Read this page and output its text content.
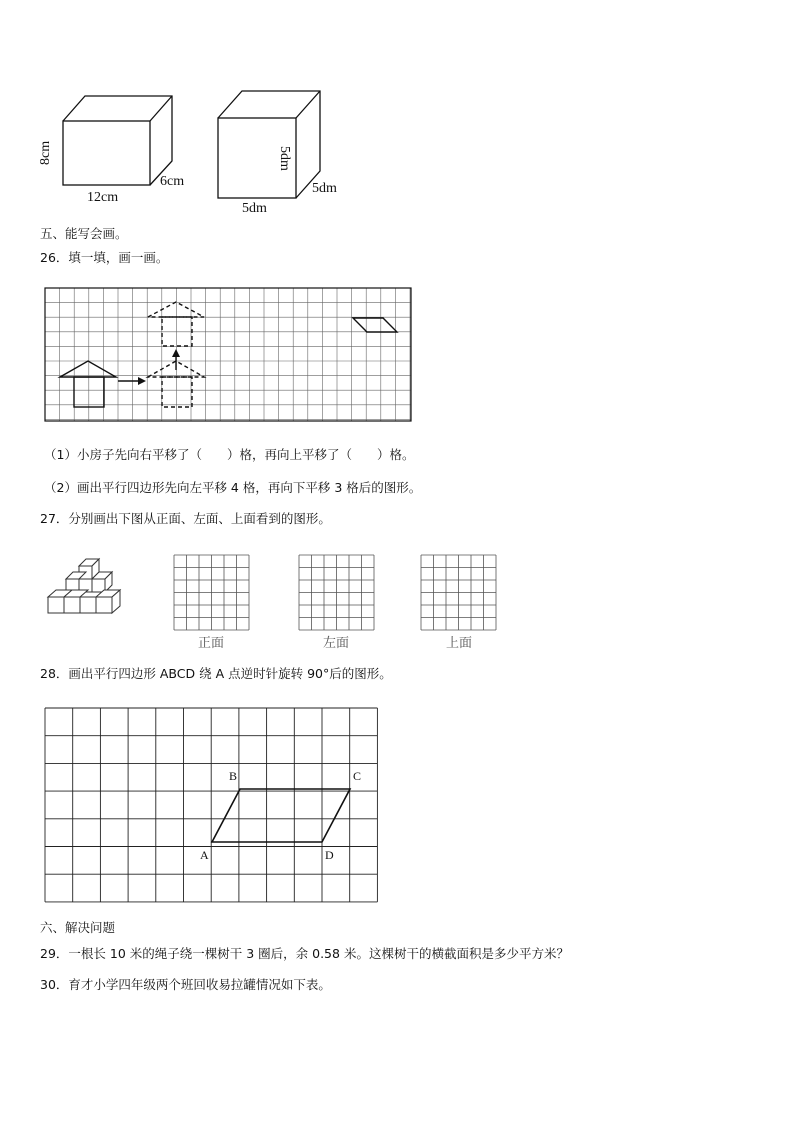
8cm
12cm
6cm
5dm
5dm
5dm
五、能写会画。
26．填一填，画一画。
（1）小房子先向右平移了（　　）格，再向上平移了（　　）格。
（2）画出平行四边形先向左平移 4 格，再向下平移 3 格后的图形。
27．分别画出下图从正面、左面、上面看到的图形。
正面	左面	上面
28．画出平行四边形 ABCD 绕 A 点逆时针旋转 90°后的图形。
A
B	C
D
六、解决问题
29．一根长 10 米的绳子绕一棵树干 3 圈后，余 0.58 米。这棵树干的横截面积是多少平方米？
30．育才小学四年级两个班回收易拉罐情况如下表。
